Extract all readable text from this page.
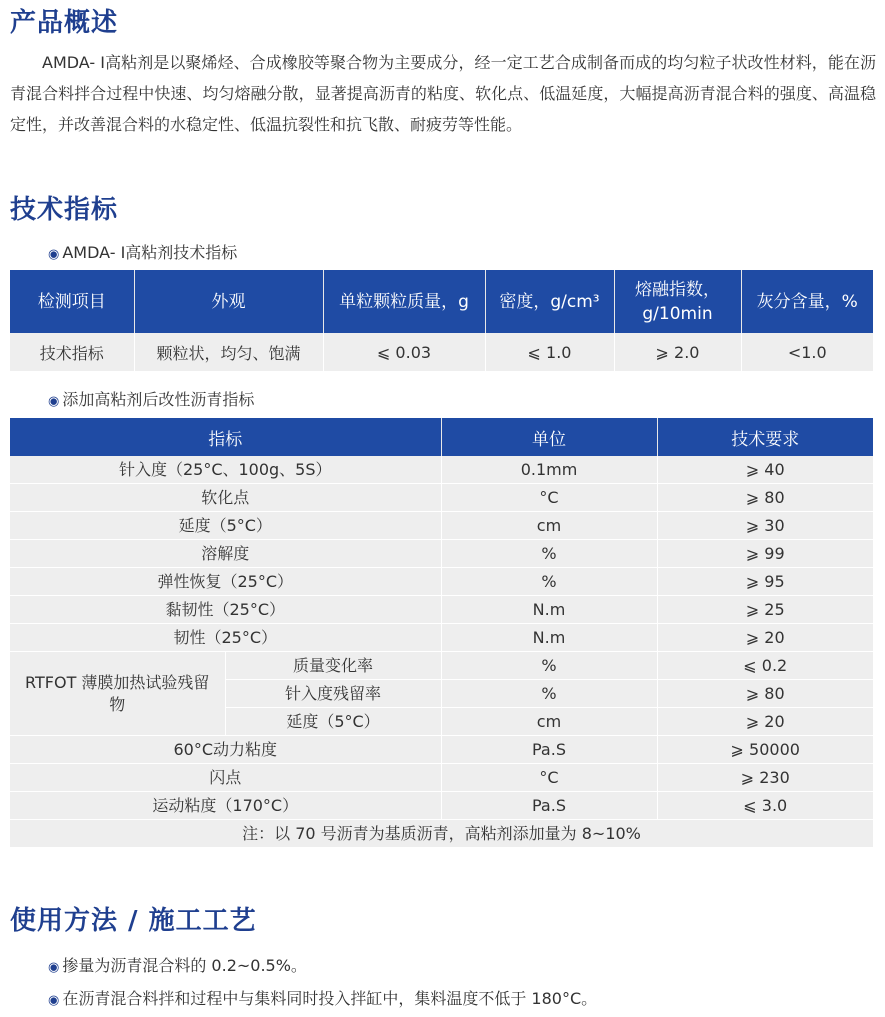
产品概述

AMDA- Ⅰ高粘剂是以聚烯烃、合成橡胶等聚合物为主要成分，经一定工艺合成制备而成的均匀粒子状改性材料，能在沥青混合料拌合过程中快速、均匀熔融分散，显著提高沥青的粘度、软化点、低温延度，大幅提高沥青混合料的强度、高温稳定性，并改善混合料的水稳定性、低温抗裂性和抗飞散、耐疲劳等性能。

技术指标

◉ AMDA- Ⅰ高粘剂技术指标

检测项目	外观	单粒颗粒质量，g	密度，g/cm³	熔融指数，g/10min	灰分含量，%
技术指标	颗粒状，均匀、饱满	⩽ 0.03	⩽ 1.0	⩾ 2.0	<1.0

◉ 添加高粘剂后改性沥青指标

指标		单位	技术要求
针入度（25°C、100g、5S）		0.1mm	⩾ 40
软化点		°C	⩾ 80
延度（5°C）		cm	⩾ 30
溶解度		%	⩾ 99
弹性恢复（25°C）		%	⩾ 95
黏韧性（25°C）		N.m	⩾ 25
韧性（25°C）		N.m	⩾ 20
RTFOT 薄膜加热试验残留物	质量变化率	%	⩽ 0.2
	针入度残留率	%	⩾ 80
	延度（5°C）	cm	⩾ 20
60°C动力粘度		Pa.S	⩾ 50000
闪点		°C	⩾ 230
运动粘度（170°C）		Pa.S	⩽ 3.0
注：以 70 号沥青为基质沥青，高粘剂添加量为 8~10%			
使用方法 / 施工工艺

◉ 掺量为沥青混合料的 0.2~0.5%。

◉ 在沥青混合料拌和过程中与集料同时投入拌缸中，集料温度不低于 180°C。
